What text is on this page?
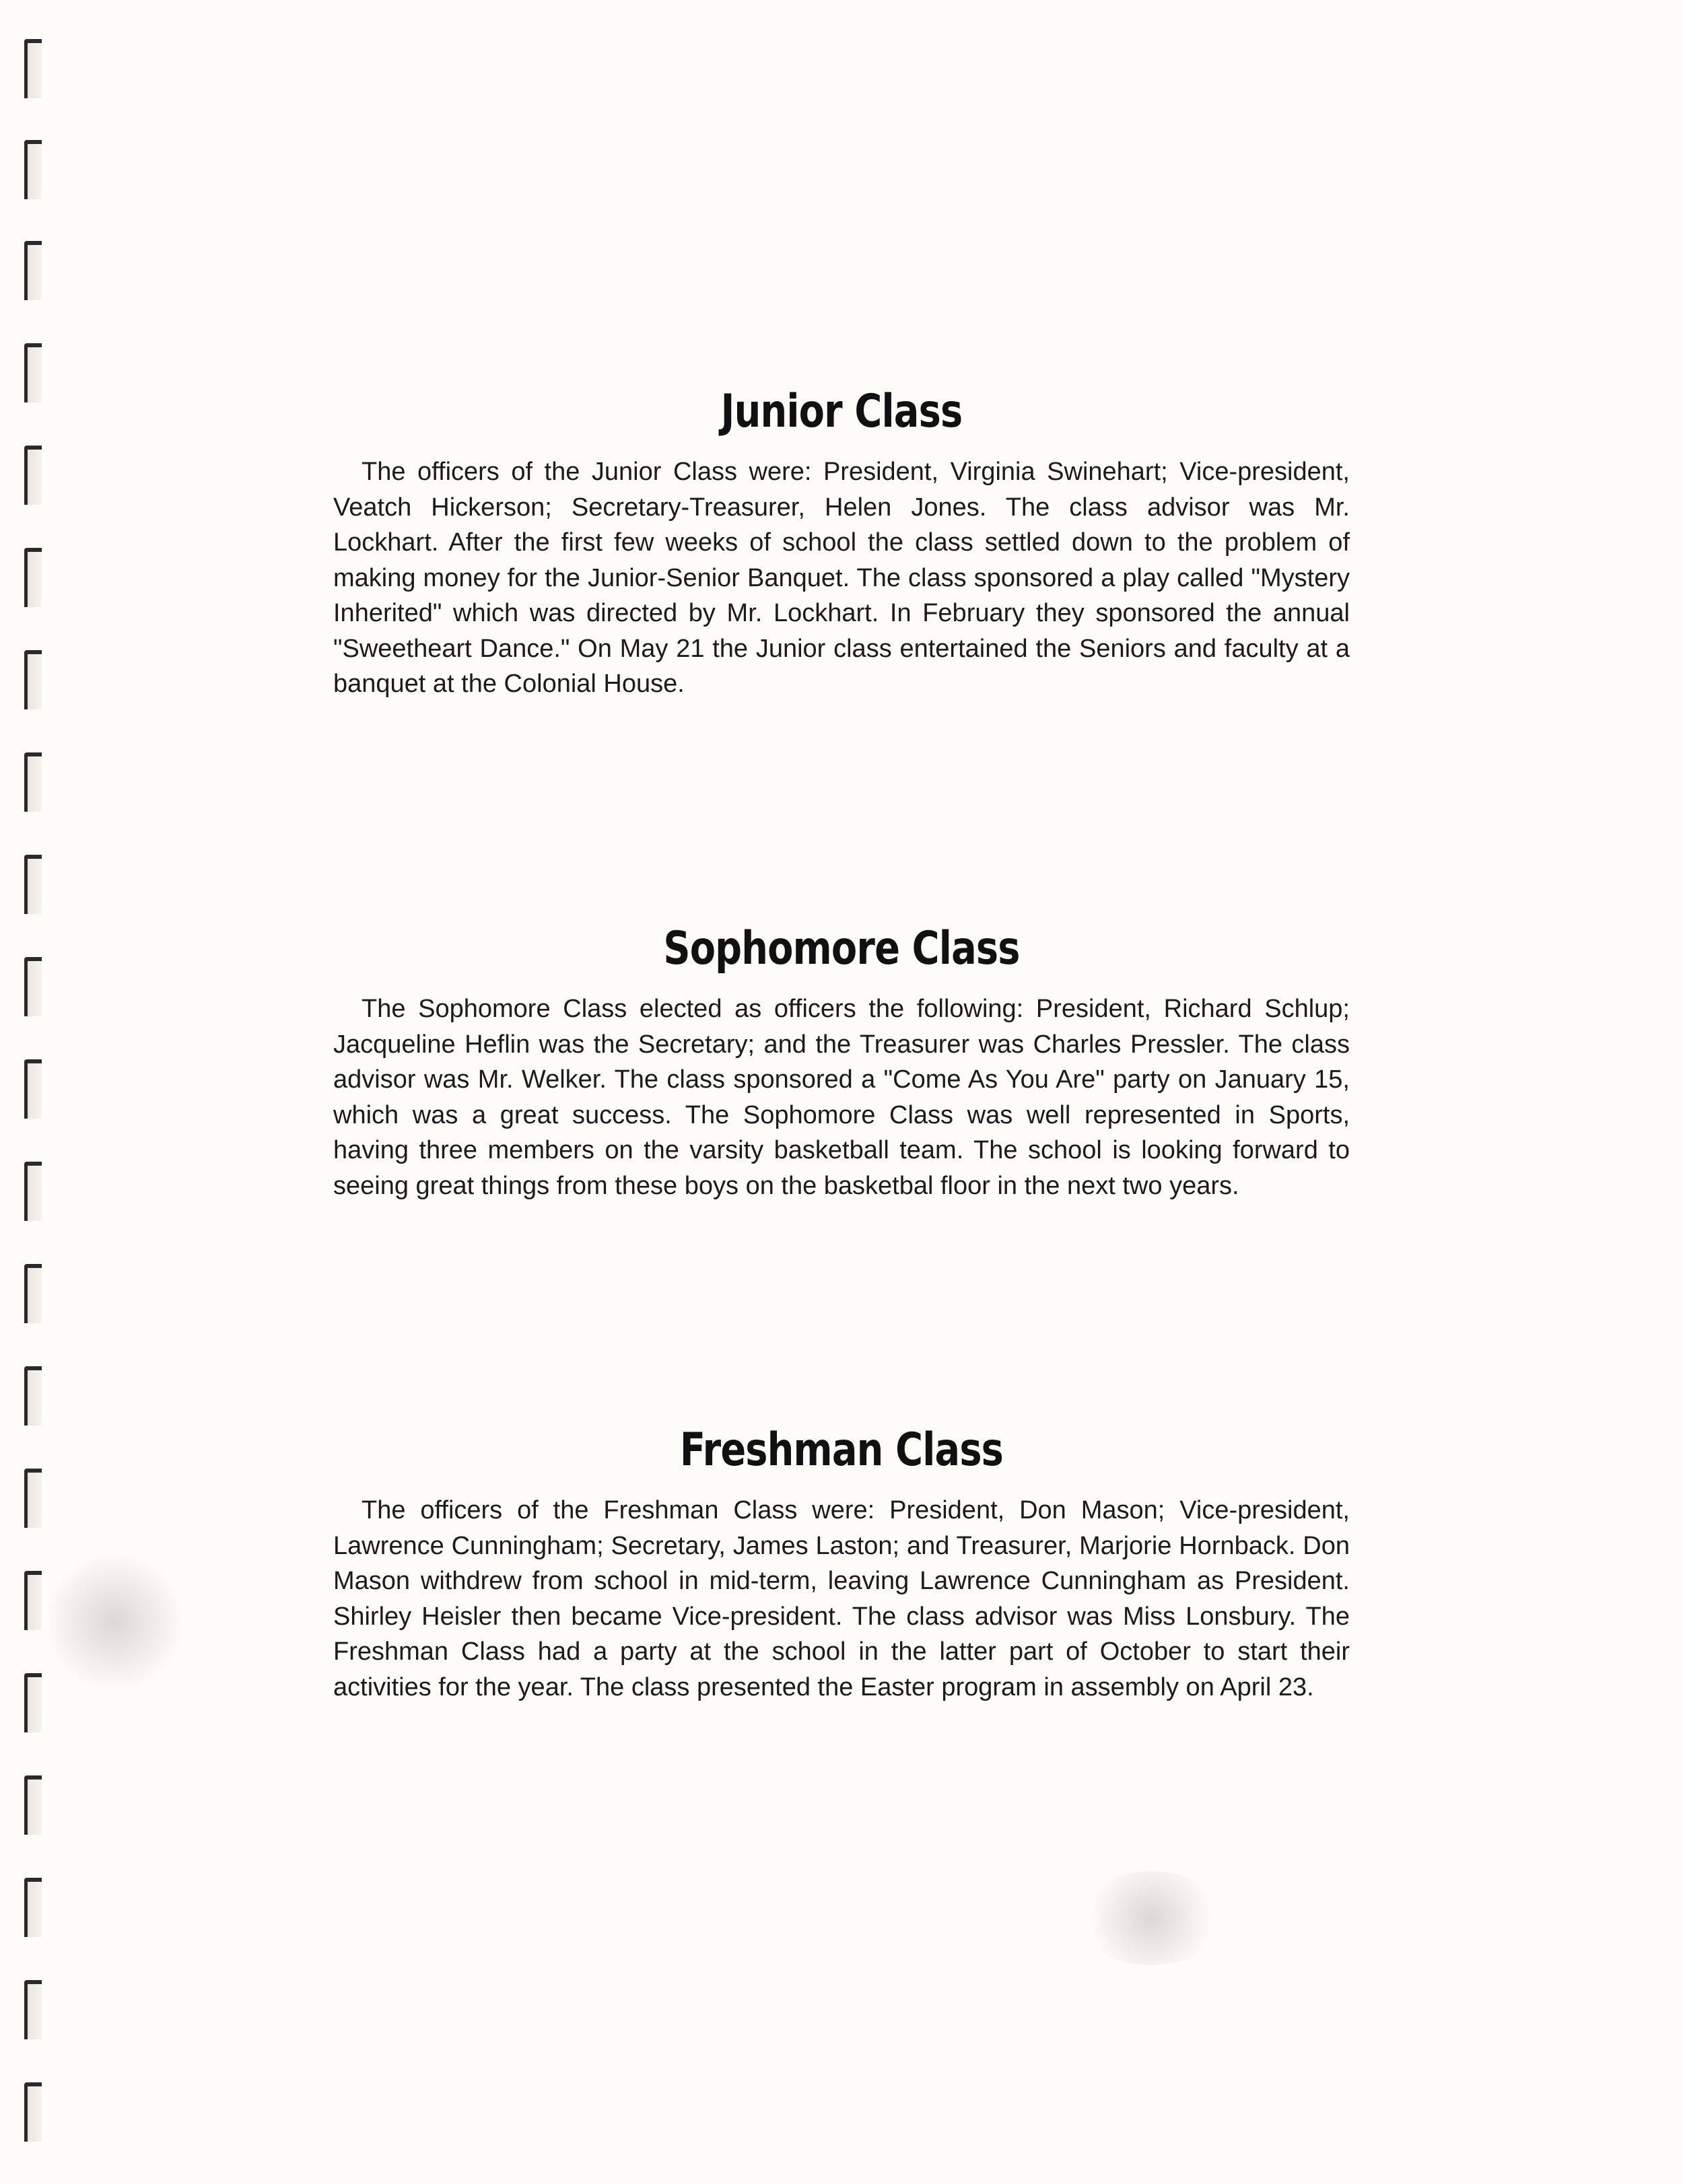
Junior Class

The officers of the Junior Class were: President, Virginia Swinehart; Vice-president, Veatch Hickerson; Secretary-Treasurer, Helen Jones. The class advisor was Mr. Lockhart. After the first few weeks of school the class settled down to the problem of making money for the Junior-Senior Banquet. The class sponsored a play called "Mystery Inherited" which was directed by Mr. Lockhart. In February they sponsored the annual "Sweetheart Dance." On May 21 the Junior class entertained the Seniors and faculty at a banquet at the Colonial House.

Sophomore Class

The Sophomore Class elected as officers the following: President, Richard Schlup; Jacqueline Heflin was the Secretary; and the Treasurer was Charles Pressler. The class advisor was Mr. Welker. The class sponsored a "Come As You Are" party on January 15, which was a great success. The Sophomore Class was well represented in Sports, having three members on the varsity basketball team. The school is looking forward to seeing great things from these boys on the basketbal floor in the next two years.

Freshman Class

The officers of the Freshman Class were: President, Don Mason; Vice-president, Lawrence Cunningham; Secretary, James Laston; and Treasurer, Marjorie Hornback. Don Mason withdrew from school in mid-term, leaving Lawrence Cunningham as President. Shirley Heisler then became Vice-president. The class advisor was Miss Lonsbury. The Freshman Class had a party at the school in the latter part of October to start their activities for the year. The class presented the Easter program in assembly on April 23.
